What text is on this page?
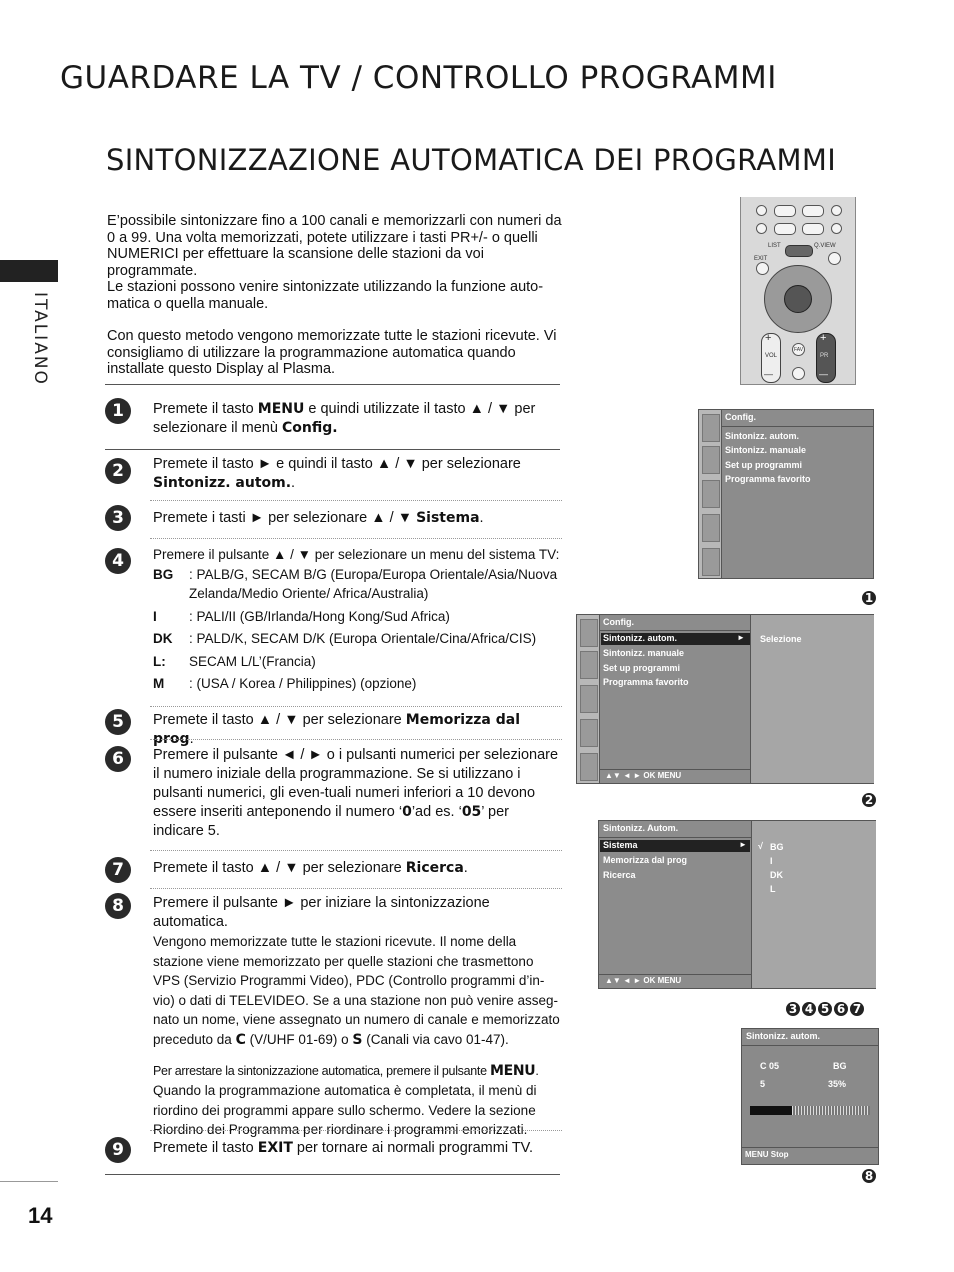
GUARDARE LA TV / CONTROLLO PROGRAMMI
SINTONIZZAZIONE AUTOMATICA DEI PROGRAMMI
ITALIANO
14

E’possibile sintonizzare fino a 100 canali e memorizzarli con numeri da 0 a 99. Una volta memorizzati, potete utilizzare i tasti PR+/- o quelli NUMERICI per effettuare la scansione delle stazioni da voi programmate.

Le stazioni possono venire sintonizzate utilizzando la funzione auto-matica o quella manuale.

Con questo metodo vengono memorizzate tutte le stazioni ricevute. Vi consigliamo di utilizzare la programmazione automatica quando installate questo Display al Plasma.

1	Premete il tasto MENU e quindi utilizzate il tasto ▲ / ▼ per selezionare il menù Config.
2	Premete il tasto ► e quindi il tasto ▲ / ▼ per selezionare Sintonizz. autom..
3	Premete i tasti ► per selezionare ▲ / ▼ Sistema.
4	Premere il pulsante ▲ / ▼ per selezionare un menu del sistema TV:
BG	: PALB/G, SECAM B/G (Europa/Europa Orientale/Asia/Nuova Zelanda/Medio Oriente/ Africa/Australia)
I	: PALI/II (GB/Irlanda/Hong Kong/Sud Africa)
DK	: PALD/K, SECAM D/K (Europa Orientale/Cina/Africa/CIS)
L:	SECAM L/L’(Francia)
M	: (USA / Korea / Philippines) (opzione)
5	Premete il tasto ▲ / ▼ per selezionare Memorizza dal prog.
6	Premere il pulsante ◄ / ► o i pulsanti numerici per selezionare il numero iniziale della programmazione. Se si utilizzano i pulsanti numerici, gli even-tuali numeri inferiori a 10 devono essere inseriti anteponendo il numero ‘0’ad es. ‘05’ per indicare 5.
7	Premete il tasto ▲ / ▼ per selezionare Ricerca.
8	Premere il pulsante ► per iniziare la sintonizzazione automatica.
Vengono memorizzate tutte le stazioni ricevute. Il nome della stazione viene memorizzato per quelle stazioni che trasmettono VPS (Servizio Programmi Video), PDC (Controllo programmi d’in-vio) o dati di TELEVIDEO. Se a una stazione non può venire asseg-nato un nome, viene assegnato un numero di canale e memorizzato preceduto da C (V/UHF 01-69) o S (Canali via cavo 01-47).
Per arrestare la sintonizzazione automatica, premere il pulsante MENU.
Quando la programmazione automatica è completata, il menù di riordino dei programmi appare sullo schermo. Vedere la sezione Riordino dei Programma per riordinare i programmi emorizzati.
9	Premete il tasto EXIT per tornare ai normali programmi TV.
LIST	Q.VIEW
EXIT
+	+
VOL	PR
—	—
FAV
Config.
Sintonizz. autom.
Sintonizz. manuale
Set up programmi
Programma favorito
1
Config.
Sintonizz. autom.	►
Sintonizz. manuale
Set up programmi
Programma favorito
▲▼ ◄ ► OK MENU
Selezione
2
Sintonizz. Autom.
Sistema	►
Memorizza dal prog
Ricerca
▲▼ ◄ ► OK MENU
√ BG
I
DK
L
3 4 5 6 7
Sintonizz. autom.
C 05	BG
5	35%
MENU Stop
8
